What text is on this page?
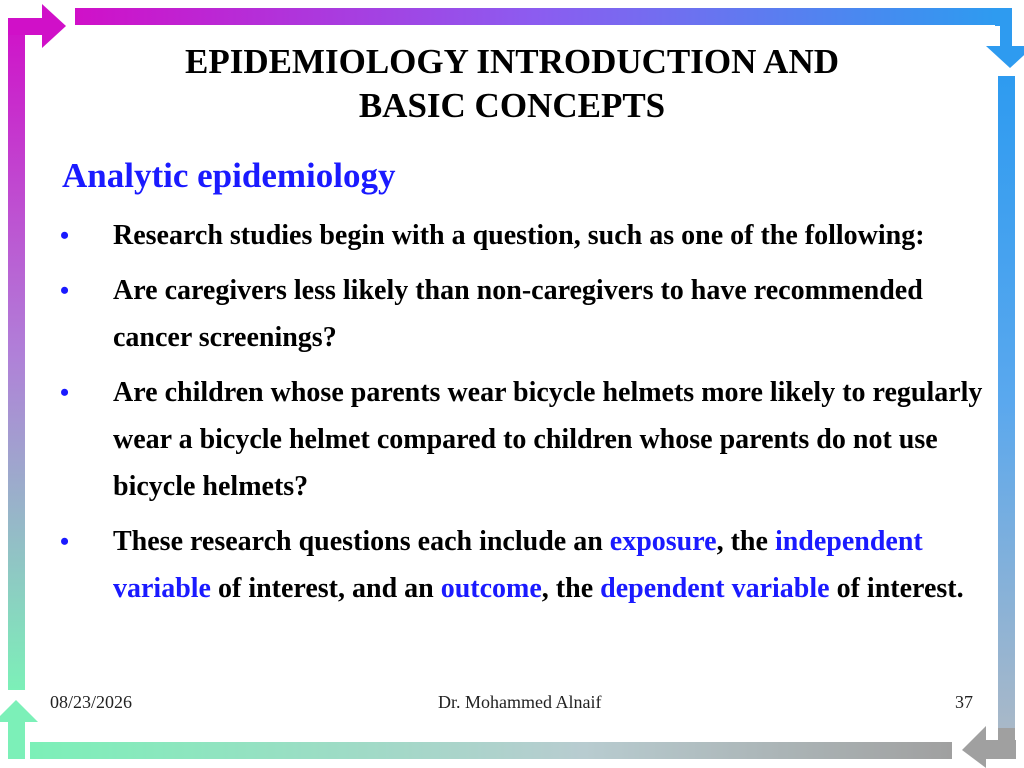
EPIDEMIOLOGY INTRODUCTION AND
BASIC CONCEPTS
Analytic epidemiology
• Research studies begin with a question, such as one of the following:
• Are caregivers less likely than non-caregivers to have recommended cancer screenings?
• Are children whose parents wear bicycle helmets more likely to regularly wear a bicycle helmet compared to children whose parents do not use bicycle helmets?
• These research questions each include an exposure, the independent variable of interest, and an outcome, the dependent variable of interest.
08/23/2026	Dr. Mohammed Alnaif	37
